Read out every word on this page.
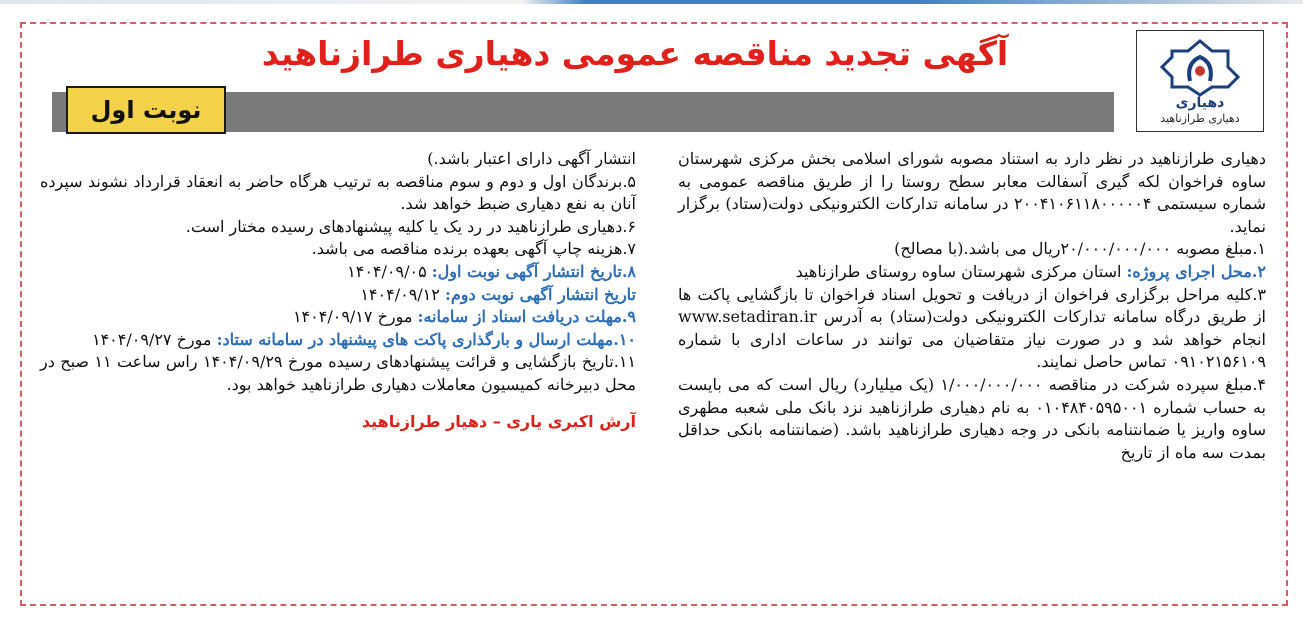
دهیاری
دهیاری طرازناهید
آگهی تجدید مناقصه عمومی دهیاری طرازناهید
نوبت اول

دهیاری طرازناهید در نظر دارد به استناد مصوبه شورای اسلامی بخش مرکزی شهرستان ساوه فراخوان لکه گیری آسفالت معابر سطح روستا را از طریق مناقصه عمومی به شماره سیستمی ۲۰۰۴۱۰۶۱۱۸۰۰۰۰۰۴ در سامانه تدارکات الکترونیکی دولت(ستاد) برگزار نماید.

۱.مبلغ مصوبه ۲۰/۰۰۰/۰۰۰/۰۰۰ریال می باشد.(با مصالح)

۲.محل اجرای پروژه: استان مرکزی شهرستان ساوه روستای طرازناهید

۳.کلیه مراحل برگزاری فراخوان از دریافت و تحویل اسناد فراخوان تا بازگشایی پاکت ها از طریق درگاه سامانه تدارکات الکترونیکی دولت(ستاد) به آدرس www.setadiran.ir انجام خواهد شد و در صورت نیاز متقاضیان می توانند در ساعات اداری با شماره ۰۹۱۰۲۱۵۶۱۰۹ تماس حاصل نمایند.

۴.مبلغ سپرده شرکت در مناقصه ۱/۰۰۰/۰۰۰/۰۰۰ (یک میلیارد) ریال است که می بایست به حساب شماره ۰۱۰۴۸۴۰۵۹۵۰۰۱ به نام دهیاری طرازناهید نزد بانک ملی شعبه مطهری ساوه واریز یا ضمانتنامه بانکی در وجه دهیاری طرازناهید باشد. (ضمانتنامه بانکی حداقل بمدت سه ماه از تاریخ

انتشار آگهی دارای اعتبار باشد.)

۵.برندگان اول و دوم و سوم مناقصه به ترتیب هرگاه حاضر به انعقاد قرارداد نشوند سپرده آنان به نفع دهیاری ضبط خواهد شد.

۶.دهیاری طرازناهید در رد یک یا کلیه پیشنهادهای رسیده مختار است.

۷.هزینه چاپ آگهی بعهده برنده مناقصه می باشد.

۸.تاریخ انتشار آگهی نوبت اول: ۱۴۰۴/۰۹/۰۵

تاریخ انتشار آگهی نوبت دوم: ۱۴۰۴/۰۹/۱۲

۹.مهلت دریافت اسناد از سامانه: مورخ ۱۴۰۴/۰۹/۱۷

۱۰.مهلت ارسال و بارگذاری پاکت های پیشنهاد در سامانه ستاد: مورخ ۱۴۰۴/۰۹/۲۷

۱۱.تاریخ بازگشایی و قرائت پیشنهادهای رسیده مورخ ۱۴۰۴/۰۹/۲۹ راس ساعت ۱۱ صبح در محل دبیرخانه کمیسیون معاملات دهیاری طرازناهید خواهد بود.

آرش اکبری یاری – دهیار طرازناهید
